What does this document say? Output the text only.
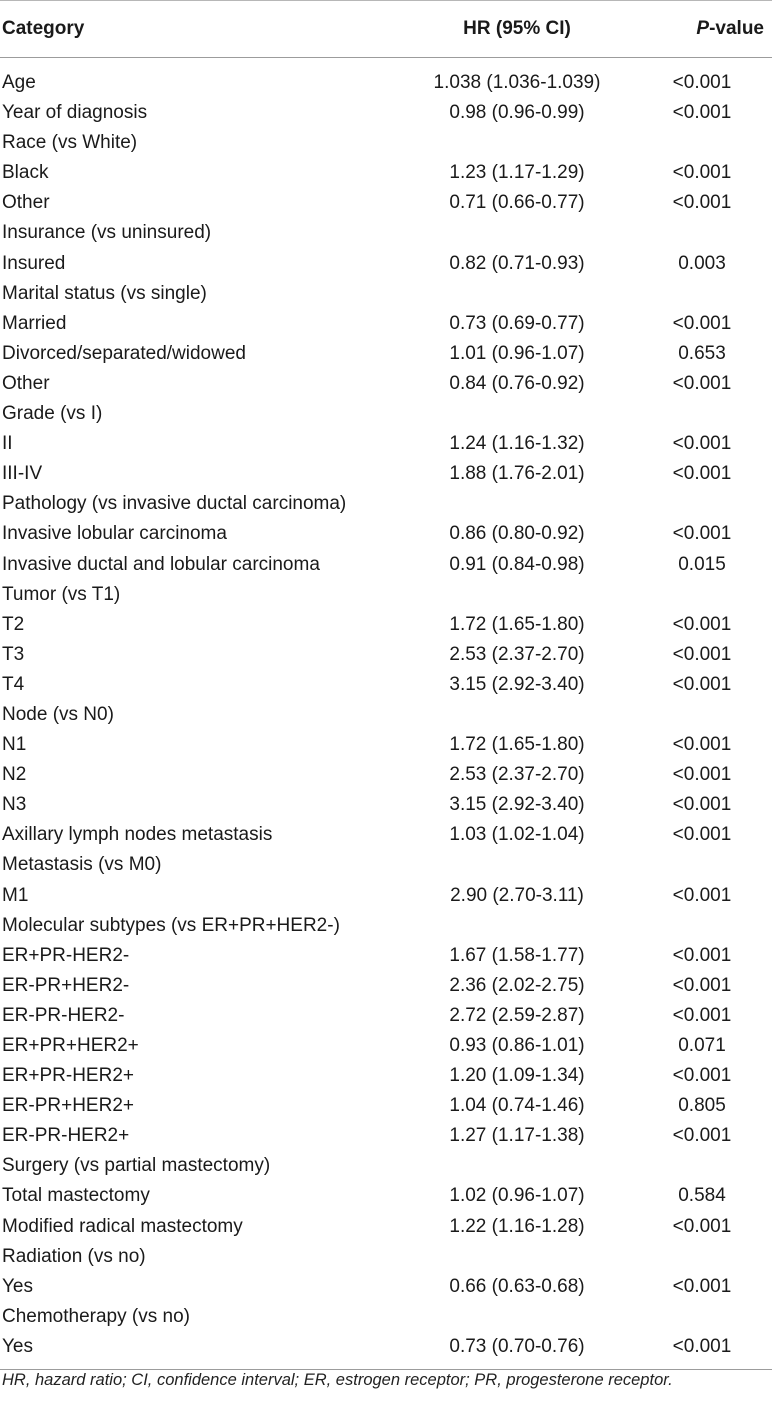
Category	HR (95% CI)	P-value
Age	1.038 (1.036-1.039)	<0.001
Year of diagnosis	0.98 (0.96-0.99)	<0.001
Race (vs White)
Black	1.23 (1.17-1.29)	<0.001
Other	0.71 (0.66-0.77)	<0.001
Insurance (vs uninsured)
Insured	0.82 (0.71-0.93)	0.003
Marital status (vs single)
Married	0.73 (0.69-0.77)	<0.001
Divorced/separated/widowed	1.01 (0.96-1.07)	0.653
Other	0.84 (0.76-0.92)	<0.001
Grade (vs I)
II	1.24 (1.16-1.32)	<0.001
III-IV	1.88 (1.76-2.01)	<0.001
Pathology (vs invasive ductal carcinoma)
Invasive lobular carcinoma	0.86 (0.80-0.92)	<0.001
Invasive ductal and lobular carcinoma	0.91 (0.84-0.98)	0.015
Tumor (vs T1)
T2	1.72 (1.65-1.80)	<0.001
T3	2.53 (2.37-2.70)	<0.001
T4	3.15 (2.92-3.40)	<0.001
Node (vs N0)
N1	1.72 (1.65-1.80)	<0.001
N2	2.53 (2.37-2.70)	<0.001
N3	3.15 (2.92-3.40)	<0.001
Axillary lymph nodes metastasis	1.03 (1.02-1.04)	<0.001
Metastasis (vs M0)
M1	2.90 (2.70-3.11)	<0.001
Molecular subtypes (vs ER+PR+HER2-)
ER+PR-HER2-	1.67 (1.58-1.77)	<0.001
ER-PR+HER2-	2.36 (2.02-2.75)	<0.001
ER-PR-HER2-	2.72 (2.59-2.87)	<0.001
ER+PR+HER2+	0.93 (0.86-1.01)	0.071
ER+PR-HER2+	1.20 (1.09-1.34)	<0.001
ER-PR+HER2+	1.04 (0.74-1.46)	0.805
ER-PR-HER2+	1.27 (1.17-1.38)	<0.001
Surgery (vs partial mastectomy)
Total mastectomy	1.02 (0.96-1.07)	0.584
Modified radical mastectomy	1.22 (1.16-1.28)	<0.001
Radiation (vs no)
Yes	0.66 (0.63-0.68)	<0.001
Chemotherapy (vs no)
Yes	0.73 (0.70-0.76)	<0.001
HR, hazard ratio; CI, confidence interval; ER, estrogen receptor; PR, progesterone receptor.
